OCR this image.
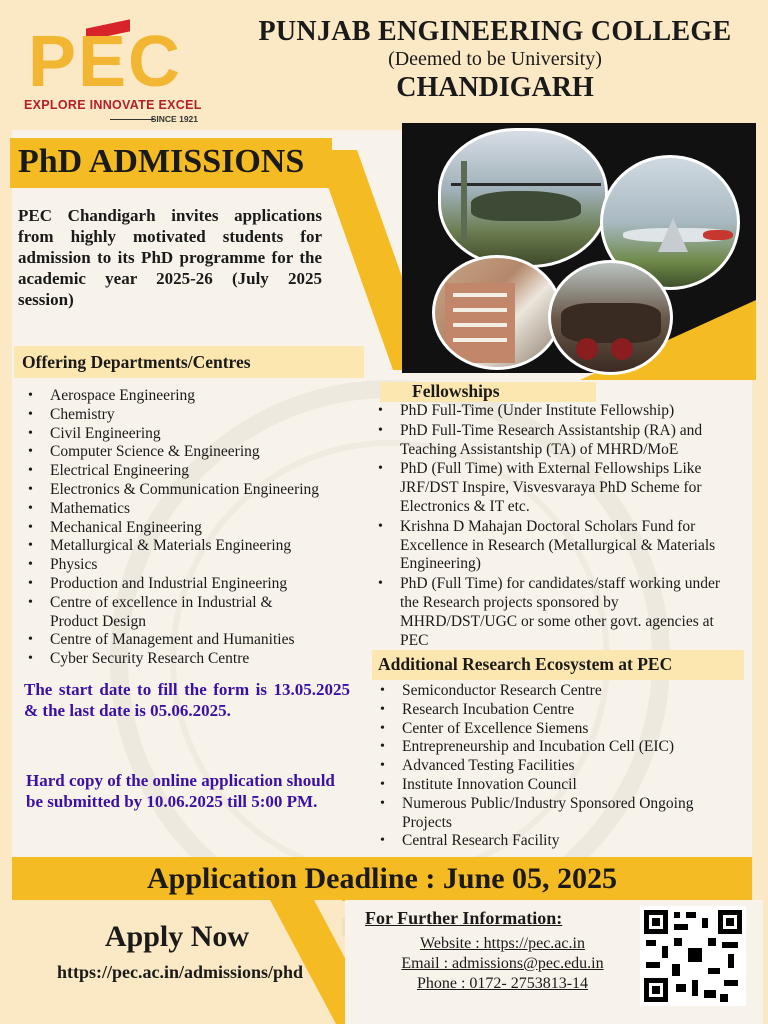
PEC
EXPLORE INNOVATE EXCEL
SINCE 1921
PUNJAB ENGINEERING COLLEGE
(Deemed to be University)
CHANDIGARH
PhD ADMISSIONS
PEC Chandigarh invites applications from highly motivated students for admission to its PhD programme for the academic year 2025-26 (July 2025 session)
Offering Departments/Centres
• Aerospace Engineering
• Chemistry
• Civil Engineering
• Computer Science & Engineering
• Electrical Engineering
• Electronics & Communication Engineering
• Mathematics
• Mechanical Engineering
• Metallurgical & Materials Engineering
• Physics
• Production and Industrial Engineering
• Centre of excellence in Industrial & Product Design
• Centre of Management and Humanities
• Cyber Security Research Centre
Fellowships
• PhD Full-Time (Under Institute Fellowship)
• PhD Full-Time Research Assistantship (RA) and Teaching Assistantship (TA) of MHRD/MoE
• PhD (Full Time) with External Fellowships Like JRF/DST Inspire, Visvesvaraya PhD Scheme for Electronics & IT etc.
• Krishna D Mahajan Doctoral Scholars Fund for Excellence in Research (Metallurgical & Materials Engineering)
• PhD (Full Time) for candidates/staff working under the Research projects sponsored by MHRD/DST/UGC or some other govt. agencies at PEC
Additional Research Ecosystem at PEC
• Semiconductor Research Centre
• Research Incubation Centre
• Center of Excellence Siemens
• Entrepreneurship and Incubation Cell (EIC)
• Advanced Testing Facilities
• Institute Innovation Council
• Numerous Public/Industry Sponsored Ongoing Projects
• Central Research Facility
The start date to fill the form is 13.05.2025 & the last date is 05.06.2025.
Hard copy of the online application should be submitted by 10.06.2025 till 5:00 PM.
Application Deadline : June 05, 2025
Apply Now
https://pec.ac.in/admissions/phd
For Further Information:
Website : https://pec.ac.in
Email : admissions@pec.edu.in
Phone : 0172- 2753813-14
